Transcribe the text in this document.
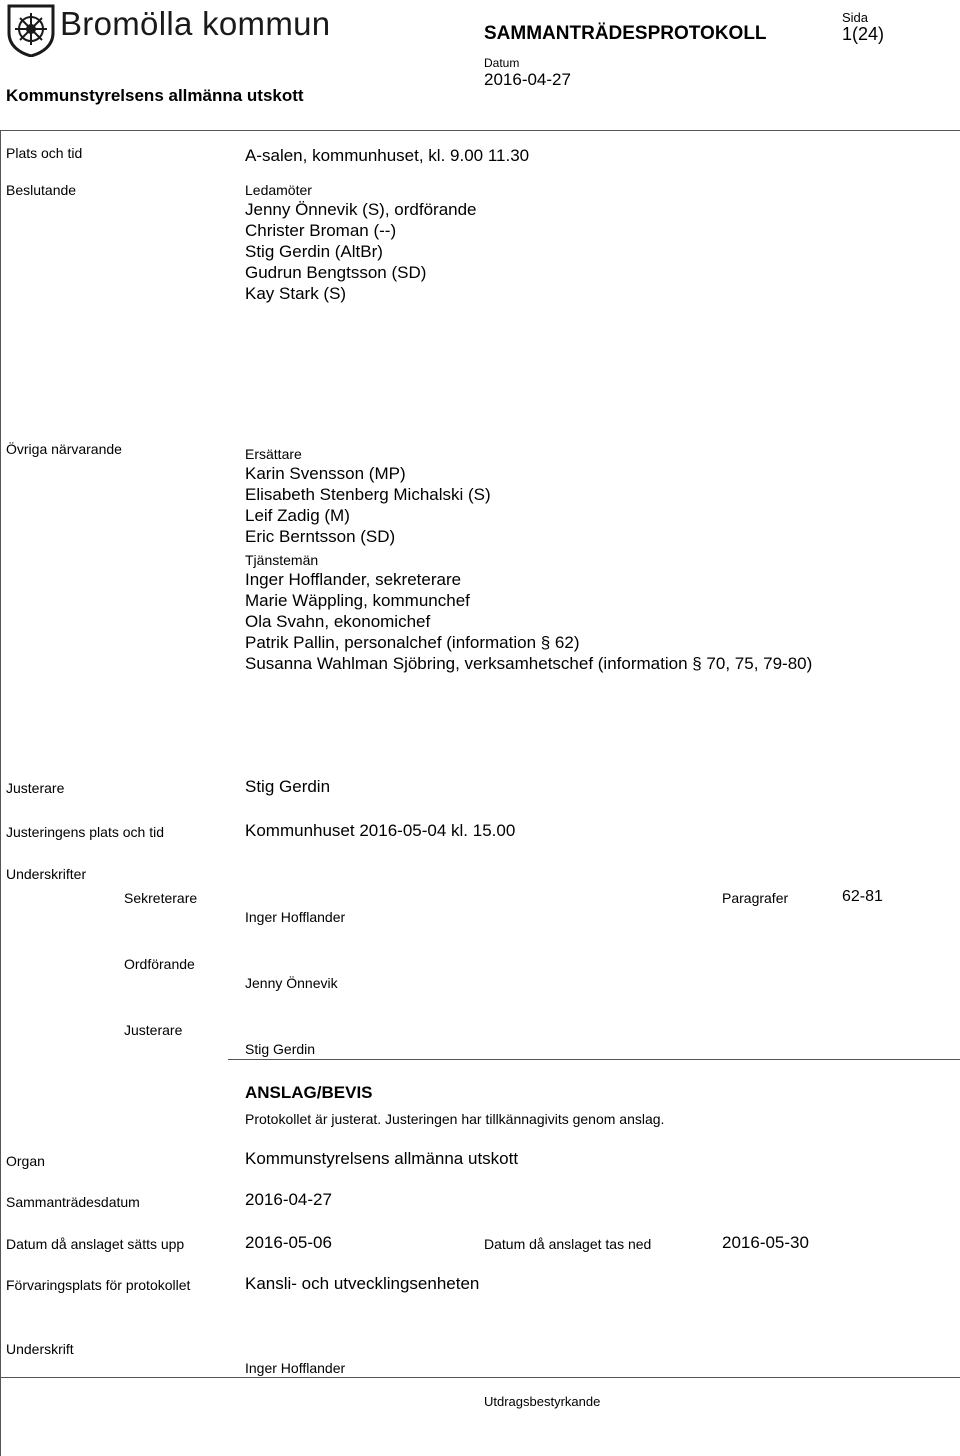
Bromölla kommun	SAMMANTRÄDESPROTOKOLL
Sida
1(24)
Datum
2016-04-27
Kommunstyrelsens allmänna utskott
Plats och tid	A-salen, kommunhuset, kl. 9.00 11.30
Beslutande	Ledamöter
Jenny Önnevik (S), ordförande
Christer Broman (--)
Stig Gerdin (AltBr)
Gudrun Bengtsson (SD)
Kay Stark (S)
Övriga närvarande	Ersättare
Karin Svensson (MP)
Elisabeth Stenberg Michalski (S)
Leif Zadig (M)
Eric Berntsson (SD)
Tjänstemän
Inger Hofflander, sekreterare
Marie Wäppling, kommunchef
Ola Svahn, ekonomichef
Patrik Pallin, personalchef (information § 62)
Susanna Wahlman Sjöbring, verksamhetschef (information § 70, 75, 79-80)
Justerare	Stig Gerdin
Justeringens plats och tid	Kommunhuset 2016-05-04 kl. 15.00
Underskrifter
Sekreterare
Inger Hofflander
Paragrafer	62-81
Ordförande
Jenny Önnevik
Justerare
Stig Gerdin
ANSLAG/BEVIS
Protokollet är justerat. Justeringen har tillkännagivits genom anslag.
Organ	Kommunstyrelsens allmänna utskott
Sammanträdesdatum	2016-04-27
Datum då anslaget sätts upp	2016-05-06	Datum då anslaget tas ned	2016-05-30
Förvaringsplats för protokollet	Kansli- och utvecklingsenheten
Underskrift
Inger Hofflander
Utdragsbestyrkande
